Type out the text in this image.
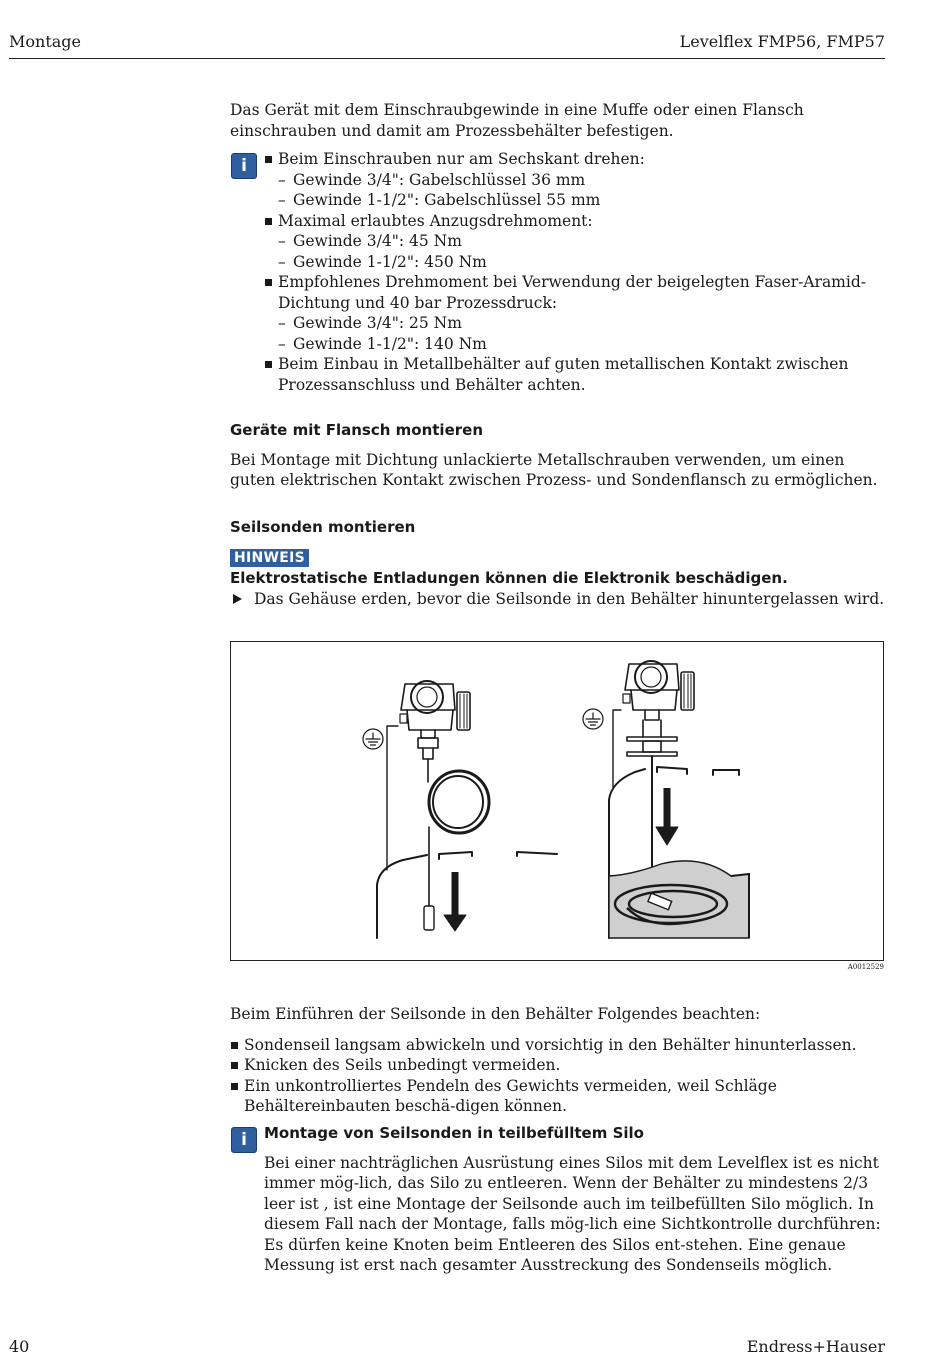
Montage	Levelflex FMP56, FMP57

Das Gerät mit dem Einschraubgewinde in eine Muffe oder einen Flansch einschrauben und damit am Prozessbehälter befestigen.

i
Beim Einschrauben nur am Sechskant drehen:
– Gewinde 3/4": Gabelschlüssel 36 mm
– Gewinde 1-1/2": Gabelschlüssel 55 mm
Maximal erlaubtes Anzugsdrehmoment:
– Gewinde 3/4": 45 Nm
– Gewinde 1-1/2": 450 Nm
Empfohlenes Drehmoment bei Verwendung der beigelegten Faser-Aramid-Dichtung und 40 bar Prozessdruck:
– Gewinde 3/4": 25 Nm
– Gewinde 1-1/2": 140 Nm
Beim Einbau in Metallbehälter auf guten metallischen Kontakt zwischen Prozessanschluss und Behälter achten.

Geräte mit Flansch montieren

Bei Montage mit Dichtung unlackierte Metallschrauben verwenden, um einen guten elektrischen Kontakt zwischen Prozess- und Sondenflansch zu ermöglichen.

Seilsonden montieren

HINWEIS

Elektrostatische Entladungen können die Elektronik beschädigen.

Das Gehäuse erden, bevor die Seilsonde in den Behälter hinuntergelassen wird.
A0012529

Beim Einführen der Seilsonde in den Behälter Folgendes beachten:

Sondenseil langsam abwickeln und vorsichtig in den Behälter hinunterlassen.
Knicken des Seils unbedingt vermeiden.
Ein unkontrolliertes Pendeln des Gewichts vermeiden, weil Schläge Behältereinbauten beschä-digen können.
i

Montage von Seilsonden in teilbefülltem Silo

Bei einer nachträglichen Ausrüstung eines Silos mit dem Levelflex ist es nicht immer mög-lich, das Silo zu entleeren. Wenn der Behälter zu mindestens 2/3 leer ist , ist eine Montage der Seilsonde auch im teilbefüllten Silo möglich. In diesem Fall nach der Montage, falls mög-lich eine Sichtkontrolle durchführen: Es dürfen keine Knoten beim Entleeren des Silos ent-stehen. Eine genaue Messung ist erst nach gesamter Ausstreckung des Sondenseils möglich.

40	Endress+Hauser
